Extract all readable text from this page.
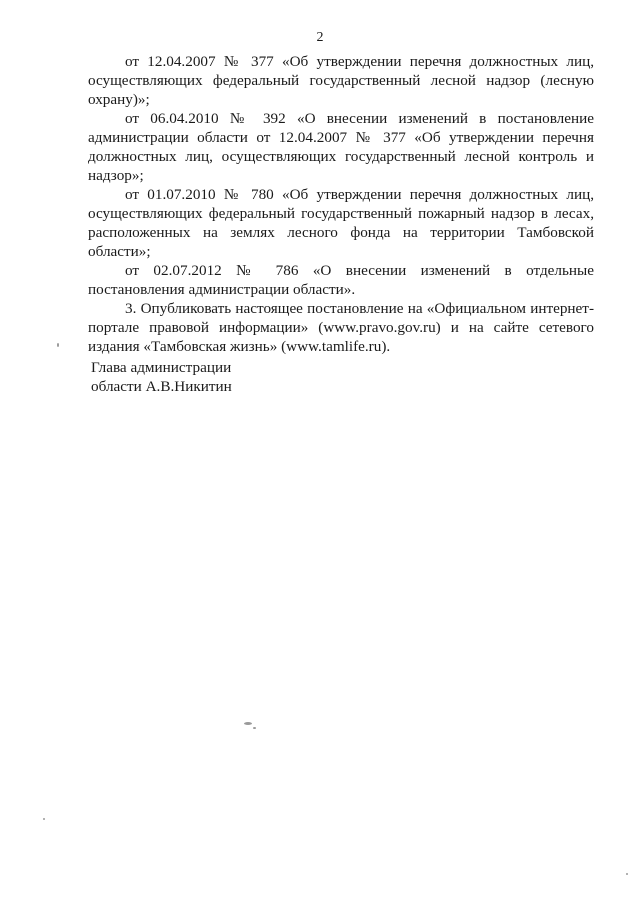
2

от 12.04.2007 № 377 «Об утверждении перечня должностных лиц, осуществляющих федеральный государственный лесной надзор (лесную охрану)»;

от 06.04.2010 № 392 «О внесении изменений в постановление администрации области от 12.04.2007 № 377 «Об утверждении перечня должностных лиц, осуществляющих государственный лесной контроль и надзор»;

от 01.07.2010 № 780 «Об утверждении перечня должностных лиц, осуществляющих федеральный государственный пожарный надзор в лесах, расположенных на землях лесного фонда на территории Тамбовской области»;

от 02.07.2012 № 786 «О внесении изменений в отдельные постановления администрации области».

3. Опубликовать настоящее постановление на «Официальном интернет-портале правовой информации» (www.pravo.gov.ru) и на сайте сетевого издания «Тамбовская жизнь» (www.tamlife.ru).

Глава администрации
области А.В.Никитин
